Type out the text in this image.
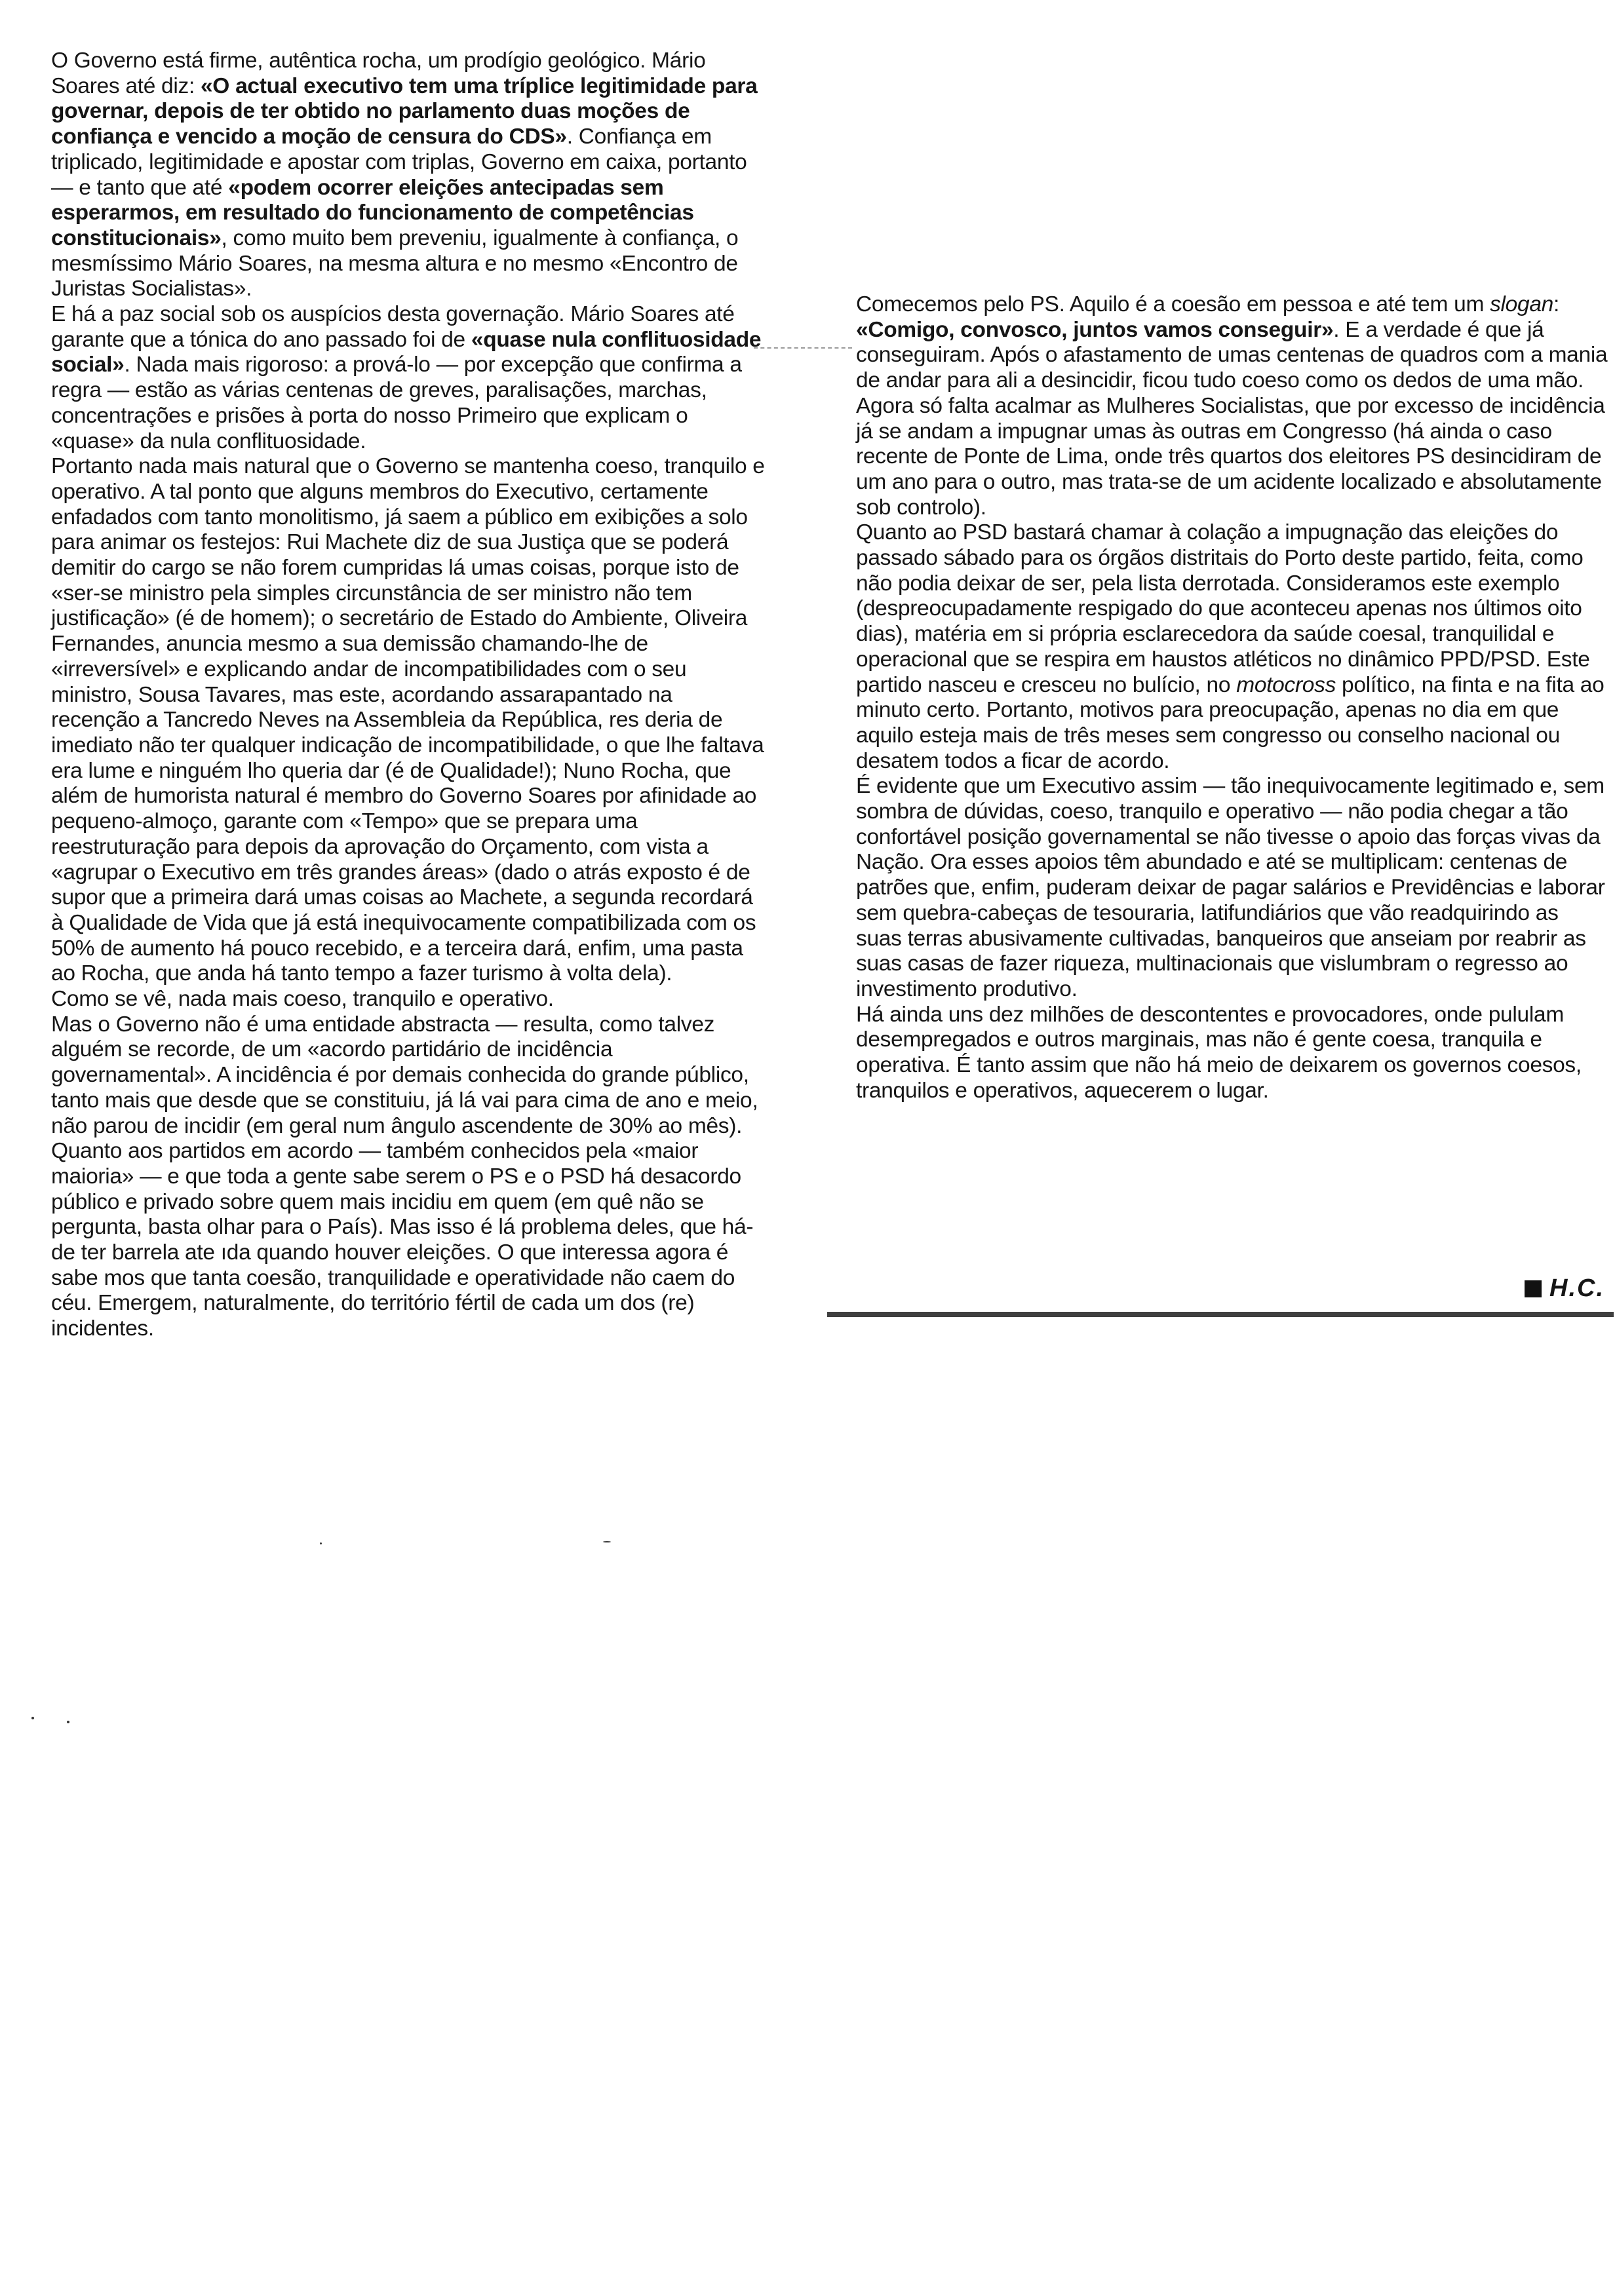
O Governo está firme, autêntica rocha, um prodígio geológico. Mário Soares até diz: «O actual executivo tem uma tríplice legitimidade para governar, depois de ter obtido no parlamento duas moções de confiança e vencido a moção de censura do CDS». Confiança em triplicado, legitimidade e apostar com triplas, Governo em caixa, portanto — e tanto que até «podem ocorrer eleições antecipadas sem esperarmos, em resultado do funcionamento de competências constitucionais», como muito bem preveniu, igualmente à confiança, o mesmíssimo Mário Soares, na mesma altura e no mesmo «Encontro de Juristas Socialistas».

E há a paz social sob os auspícios desta governação. Mário Soares até garante que a tónica do ano passado foi de «quase nula conflituosidade social». Nada mais rigoroso: a prová-lo — por excepção que confirma a regra — estão as várias centenas de greves, paralisações, marchas, concentrações e prisões à porta do nosso Primeiro que explicam o «quase» da nula conflituosidade.

Portanto nada mais natural que o Governo se mantenha coeso, tranquilo e operativo. A tal ponto que alguns membros do Executivo, certamente enfadados com tanto monolitismo, já saem a público em exibições a solo para animar os festejos: Rui Machete diz de sua Justiça que se poderá demitir do cargo se não forem cumpridas lá umas coisas, porque isto de «ser-se ministro pela simples circunstância de ser ministro não tem justificação» (é de homem); o secretário de Estado do Ambiente, Oliveira Fernandes, anuncia mesmo a sua demissão chamando-lhe de «irreversível» e explicando andar de incompatibilidades com o seu ministro, Sousa Tavares, mas este, acordando assarapantado na recenção a Tancredo Neves na Assembleia da República, res deria de imediato não ter qualquer indicação de incompatibilidade, o que lhe faltava era lume e ninguém lho queria dar (é de Qualidade!); Nuno Rocha, que além de humorista natural é membro do Governo Soares por afinidade ao pequeno-almoço, garante com «Tempo» que se prepara uma reestruturação para depois da aprovação do Orçamento, com vista a «agrupar o Executivo em três grandes áreas» (dado o atrás exposto é de supor que a primeira dará umas coisas ao Machete, a segunda recordará à Qualidade de Vida que já está inequivocamente compatibilizada com os 50% de aumento há pouco recebido, e a terceira dará, enfim, uma pasta ao Rocha, que anda há tanto tempo a fazer turismo à volta dela).

Como se vê, nada mais coeso, tranquilo e operativo.

Mas o Governo não é uma entidade abstracta — resulta, como talvez alguém se recorde, de um «acordo partidário de incidência governamental». A incidência é por demais conhecida do grande público, tanto mais que desde que se constituiu, já lá vai para cima de ano e meio, não parou de incidir (em geral num ângulo ascendente de 30% ao mês). Quanto aos partidos em acordo — também conhecidos pela «maior maioria» — e que toda a gente sabe serem o PS e o PSD há desacordo público e privado sobre quem mais incidiu em quem (em quê não se pergunta, basta olhar para o País). Mas isso é lá problema deles, que há-de ter barrela ate ıda quando houver eleições. O que interessa agora é sabe mos que tanta coesão, tranquilidade e operatividade não caem do céu. Emergem, naturalmente, do território fértil de cada um dos (re) incidentes.

Comecemos pelo PS. Aquilo é a coesão em pessoa e até tem um slogan: «Comigo, convosco, juntos vamos conseguir». E a verdade é que já conseguiram. Após o afastamento de umas centenas de quadros com a mania de andar para ali a desincidir, ficou tudo coeso como os dedos de uma mão. Agora só falta acalmar as Mulheres Socialistas, que por excesso de incidência já se andam a impugnar umas às outras em Congresso (há ainda o caso recente de Ponte de Lima, onde três quartos dos eleitores PS desincidiram de um ano para o outro, mas trata-se de um acidente localizado e absolutamente sob controlo).

Quanto ao PSD bastará chamar à colação a impugnação das eleições do passado sábado para os órgãos distritais do Porto deste partido, feita, como não podia deixar de ser, pela lista derrotada. Consideramos este exemplo (despreocupadamente respigado do que aconteceu apenas nos últimos oito dias), matéria em si própria esclarecedora da saúde coesal, tranquilidal e operacional que se respira em haustos atléticos no dinâmico PPD/PSD. Este partido nasceu e cresceu no bulício, no motocross político, na finta e na fita ao minuto certo. Portanto, motivos para preocupação, apenas no dia em que aquilo esteja mais de três meses sem congresso ou conselho nacional ou desatem todos a ficar de acordo.

É evidente que um Executivo assim — tão inequivocamente legitimado e, sem sombra de dúvidas, coeso, tranquilo e operativo — não podia chegar a tão confortável posição governamental se não tivesse o apoio das forças vivas da Nação. Ora esses apoios têm abundado e até se multiplicam: centenas de patrões que, enfim, puderam deixar de pagar salários e Previdências e laborar sem quebra-cabeças de tesouraria, latifundiários que vão readquirindo as suas terras abusivamente cultivadas, banqueiros que anseiam por reabrir as suas casas de fazer riqueza, multinacionais que vislumbram o regresso ao investimento produtivo.

Há ainda uns dez milhões de descontentes e provocadores, onde pululam desempregados e outros marginais, mas não é gente coesa, tranquila e operativa. É tanto assim que não há meio de deixarem os governos coesos, tranquilos e operativos, aquecerem o lugar.

H.C.
